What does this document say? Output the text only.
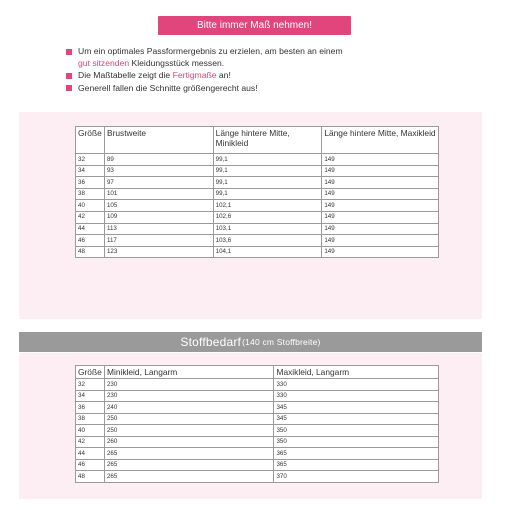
Bitte immer Maß nehmen!
Um ein optimales Passformergebnis zu erzielen, am besten an einem
gut sitzenden Kleidungsstück messen.
Die Maßtabelle zeigt die Fertigmaße an!
Generell fallen die Schnitte größengerecht aus!
Größe	Brustweite	Länge hintere Mitte, Minikleid	Länge hintere Mitte, Maxikleid
32	89	99,1	149
34	93	99,1	149
36	97	99,1	149
38	101	99,1	149
40	105	102,1	149
42	109	102,6	149
44	113	103,1	149
46	117	103,6	149
48	123	104,1	149
Stoffbedarf (140 cm Stoffbreite)
Größe	Minikleid, Langarm	Maxikleid, Langarm
32	230	330
34	230	330
36	240	345
38	250	345
40	250	350
42	260	350
44	265	365
46	265	365
48	265	370
